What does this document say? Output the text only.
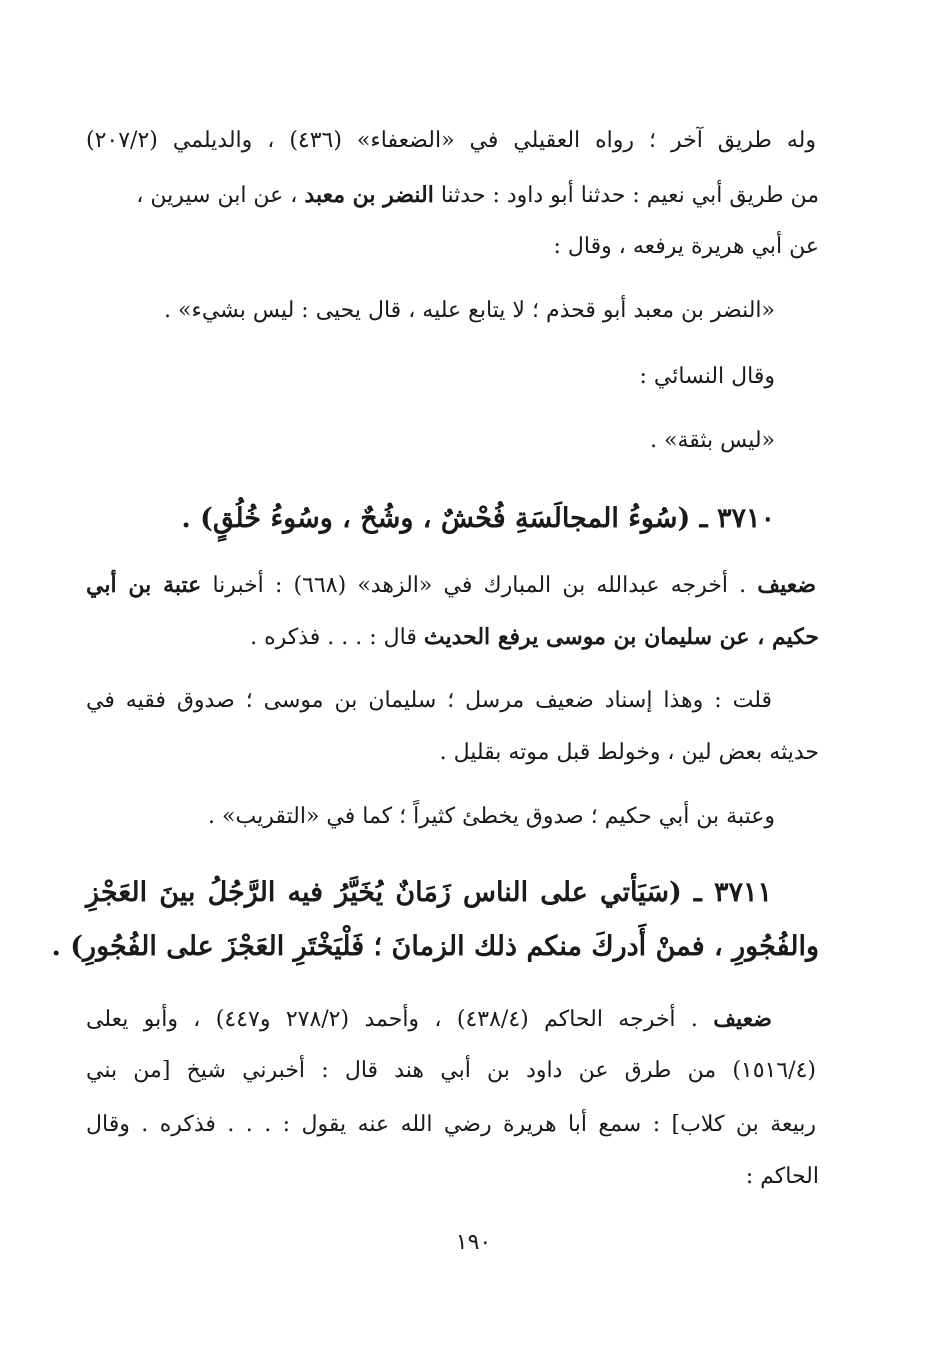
وله طريق آخر ؛ رواه العقيلي في «الضعفاء» (٤٣٦) ، والديلمي (٢٠٧/٢)
من طريق أبي نعيم : حدثنا أبو داود : حدثنا النضر بن معبد ، عن ابن سيرين ،
عن أبي هريرة يرفعه ، وقال :
«النضر بن معبد أبو قحذم ؛ لا يتابع عليه ، قال يحيى : ليس بشيء» .
وقال النسائي :
«ليس بثقة» .
٣٧١٠ ـ (سُوءُ المجالَسَةِ فُحْشٌ ، وشُحٌ ، وسُوءُ خُلُقٍ) .
ضعيف . أخرجه عبدالله بن المبارك في «الزهد» (٦٦٨) : أخبرنا عتبة بن أبي
حكيم ، عن سليمان بن موسى يرفع الحديث قال : . . . فذكره .
قلت : وهذا إسناد ضعيف مرسل ؛ سليمان بن موسى ؛ صدوق فقيه في
حديثه بعض لين ، وخولط قبل موته بقليل .
وعتبة بن أبي حكيم ؛ صدوق يخطئ كثيراً ؛ كما في «التقريب» .
٣٧١١ ـ (سَيَأتي على الناس زَمَانٌ يُخَيَّرُ فيه الرَّجُلُ بينَ العَجْزِ
والفُجُورِ ، فمنْ أَدركَ منكم ذلك الزمانَ ؛ فَلْيَخْتَرِ العَجْزَ على الفُجُورِ) .
ضعيف . أخرجه الحاكم (٤٣٨/٤) ، وأحمد (٢٧٨/٢ و٤٤٧) ، وأبو يعلى
(١٥١٦/٤) من طرق عن داود بن أبي هند قال : أخبرني شيخ [من بني
ربيعة بن كلاب] : سمع أبا هريرة رضي الله عنه يقول : . . . فذكره . وقال
الحاكم :
١٩٠
